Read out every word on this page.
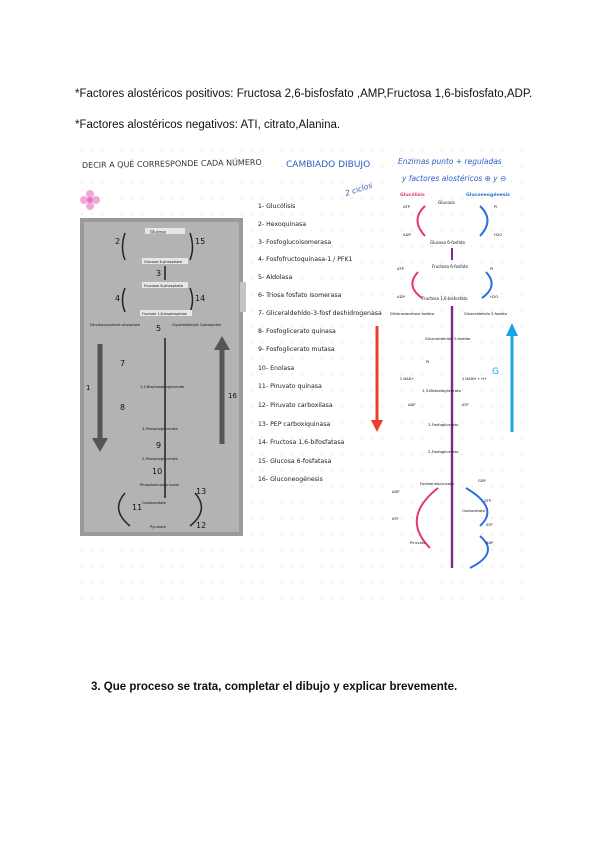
*Factores alostéricos positivos: Fructosa 2,6-bisfosfato ,AMP,Fructosa 1,6-bisfosfato,ADP.
*Factores alostéricos negativos: ATI, citrato,Alanina.
DECIR A QUÉ CORRESPONDE CADA NÚMERO	CAMBIADO DIBUJO	Enzimas punto + reguladas
2 ciclos
y factores alostéricos ⊕ y ⊖
Glucose
Glucose 6-phosphate
2	15
3
Fructose 6-phosphate
4	14
Fructose 1,6-bisphosphate
5
Dihydroxyacetone phosphate	Glyceraldehyde 3-phosphate
7
1,3-Bisphosphoglycerate
8
3-Phosphoglycerate
9
2-Phosphoglycerate
10
Phosphoenolpyruvate
Oxaloacetate
Pyruvate
11
13
12
1
16
1- Glucólisis
2- Hexoquinasa
3- Fosfoglucoisomerasa
4- Fosfofructoquinasa-1 / PFK1
5- Aldolasa
6- Triosa fosfato isomerasa
7- Gliceraldehído-3-fosf deshidrogenasa
8- Fosfoglicerato quinasa
9- Fosfoglicerato mutasa
10- Enolasa
11- Piruvato quinasa
12- Piruvato carboxilasa
13- PEP carboxiquinasa
14- Fructosa 1,6-bifosfatasa
15- Glucosa 6-fosfatasa
16- Gluconeogénesis
G
Glucólisis	Gluconeogénesis
Glucosa
ATP
ADP
Pi
H2O
Glucosa 6-fosfato
Fructosa 6-fosfato
ATP
ADP
Pi
H2O
Fructosa 1,6-bisfosfato
Dihidroxiacetona fosfato	Gliceraldehído 3-fosfato
Gliceraldehído 3-fosfato
Pi
2 NAD+	2 NADH + H+
1,3-Bisfosfoglicerato
ADP	ATP
3-Fosfoglicerato
2-Fosfoglicerato
Fosfoenolpiruvato
ADP
ATP
GDP
GTP
Oxalacetato
ATP
ADP
Piruvato
3. Que proceso se trata, completar el dibujo y explicar brevemente.
